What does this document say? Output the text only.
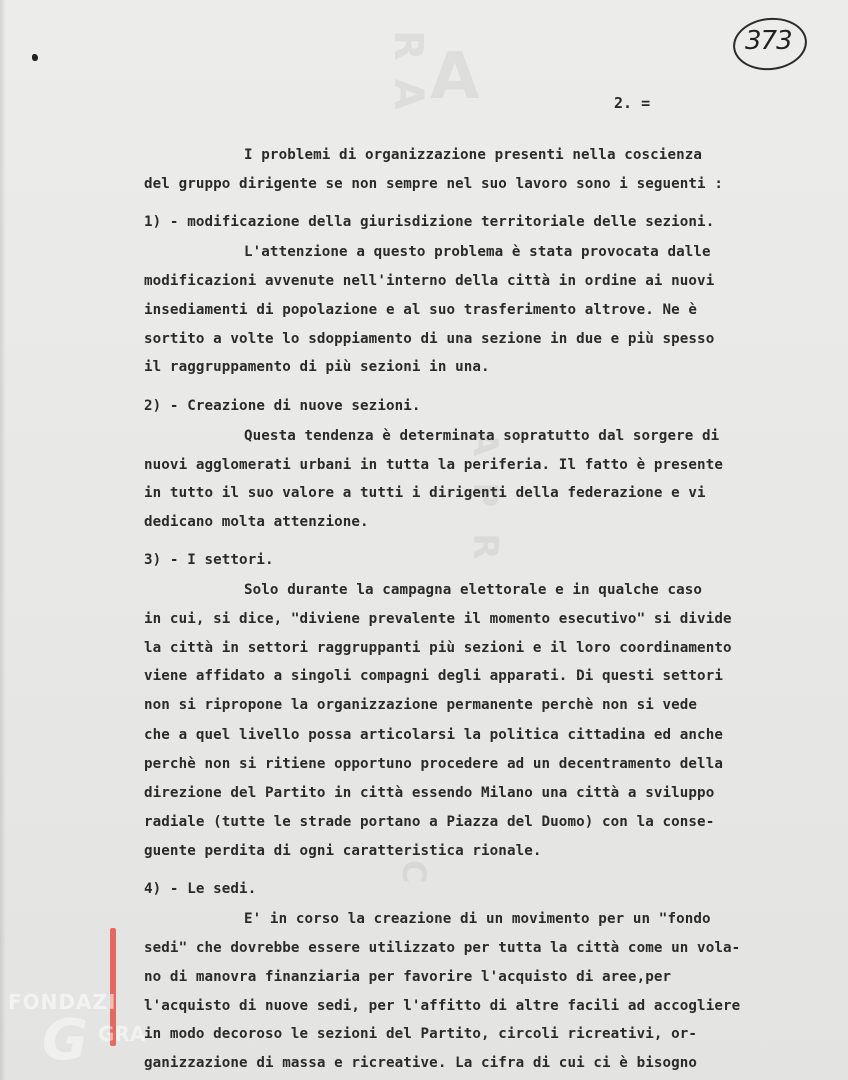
RA A
APR
C
373
2. =
I problemi di organizzazione presenti nella coscienza
del gruppo dirigente se non sempre nel suo lavoro sono i seguenti :
1) - modificazione della giurisdizione territoriale delle sezioni.
L'attenzione a questo problema è stata provocata dalle
modificazioni avvenute nell'interno della città in ordine ai nuovi
insediamenti di popolazione e al suo trasferimento altrove. Ne è
sortito a volte lo sdoppiamento di una sezione in due e più spesso
il raggruppamento di più sezioni in una.
2) - Creazione di nuove sezioni.
Questa tendenza è determinata sopratutto dal sorgere di
nuovi agglomerati urbani in tutta la periferia. Il fatto è presente
in tutto il suo valore a tutti i dirigenti della federazione e vi
dedicano molta attenzione.
3) - I settori.
Solo durante la campagna elettorale e in qualche caso
in cui, si dice, "diviene prevalente il momento esecutivo" si divide
la città in settori raggruppanti più sezioni e il loro coordinamento
viene affidato a singoli compagni degli apparati. Di questi settori
non si ripropone la organizzazione permanente perchè non si vede
che a quel livello possa articolarsi la politica cittadina ed anche
perchè non si ritiene opportuno procedere ad un decentramento della
direzione del Partito in città essendo Milano una città a sviluppo
radiale (tutte le strade portano a Piazza del Duomo) con la conse-
guente perdita di ogni caratteristica rionale.
4) - Le sedi.
E' in corso la creazione di un movimento per un "fondo
sedi" che dovrebbe essere utilizzato per tutta la città come un vola-
no di manovra finanziaria per favorire l'acquisto di aree,per
l'acquisto di nuove sedi, per l'affitto di altre facili ad accogliere
in modo decoroso le sezioni del Partito, circoli ricreativi, or-
ganizzazione di massa e ricreative. La cifra di cui ci è bisogno
FONDAZI
G GRA
